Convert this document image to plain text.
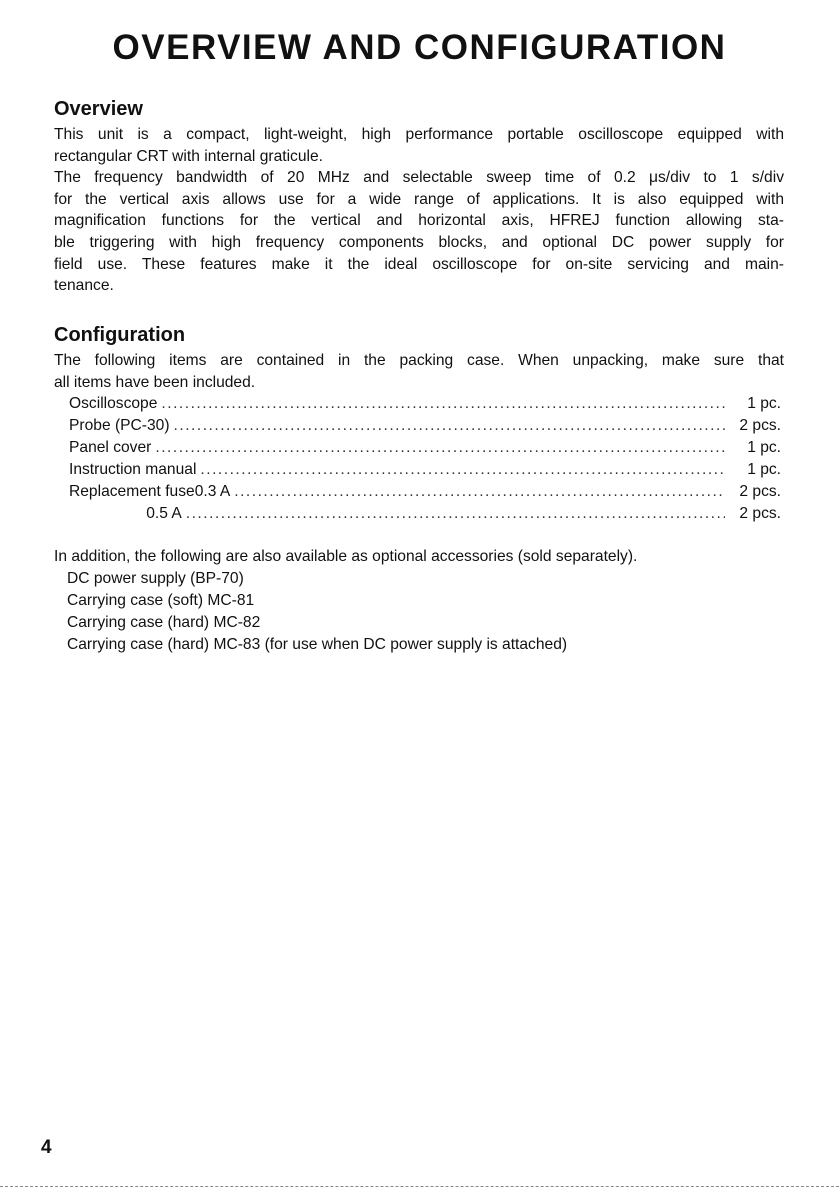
OVERVIEW AND CONFIGURATION
Overview
This unit is a compact, light-weight, high performance portable oscilloscope equipped with
rectangular CRT with internal graticule.
The frequency bandwidth of 20 MHz and selectable sweep time of 0.2 μs/div to 1 s/div
for the vertical axis allows use for a wide range of applications. It is also equipped with
magnification functions for the vertical and horizontal axis, HFREJ function allowing sta-
ble triggering with high frequency components blocks, and optional DC power supply for
field use. These features make it the ideal oscilloscope for on-site servicing and main-
tenance.
Configuration
The following items are contained in the packing case. When unpacking, make sure that
all items have been included.
Oscilloscope .....	1 pc.
Probe (PC-30) .....	2 pcs.
Panel cover .....	1 pc.
Instruction manual .....	1 pc.
Replacement fuse 0.3 A .....	2 pcs.
0.5 A .....	2 pcs.
In addition, the following are also available as optional accessories (sold separately).
DC power supply (BP-70)
Carrying case (soft) MC-81
Carrying case (hard) MC-82
Carrying case (hard) MC-83 (for use when DC power supply is attached)
4
